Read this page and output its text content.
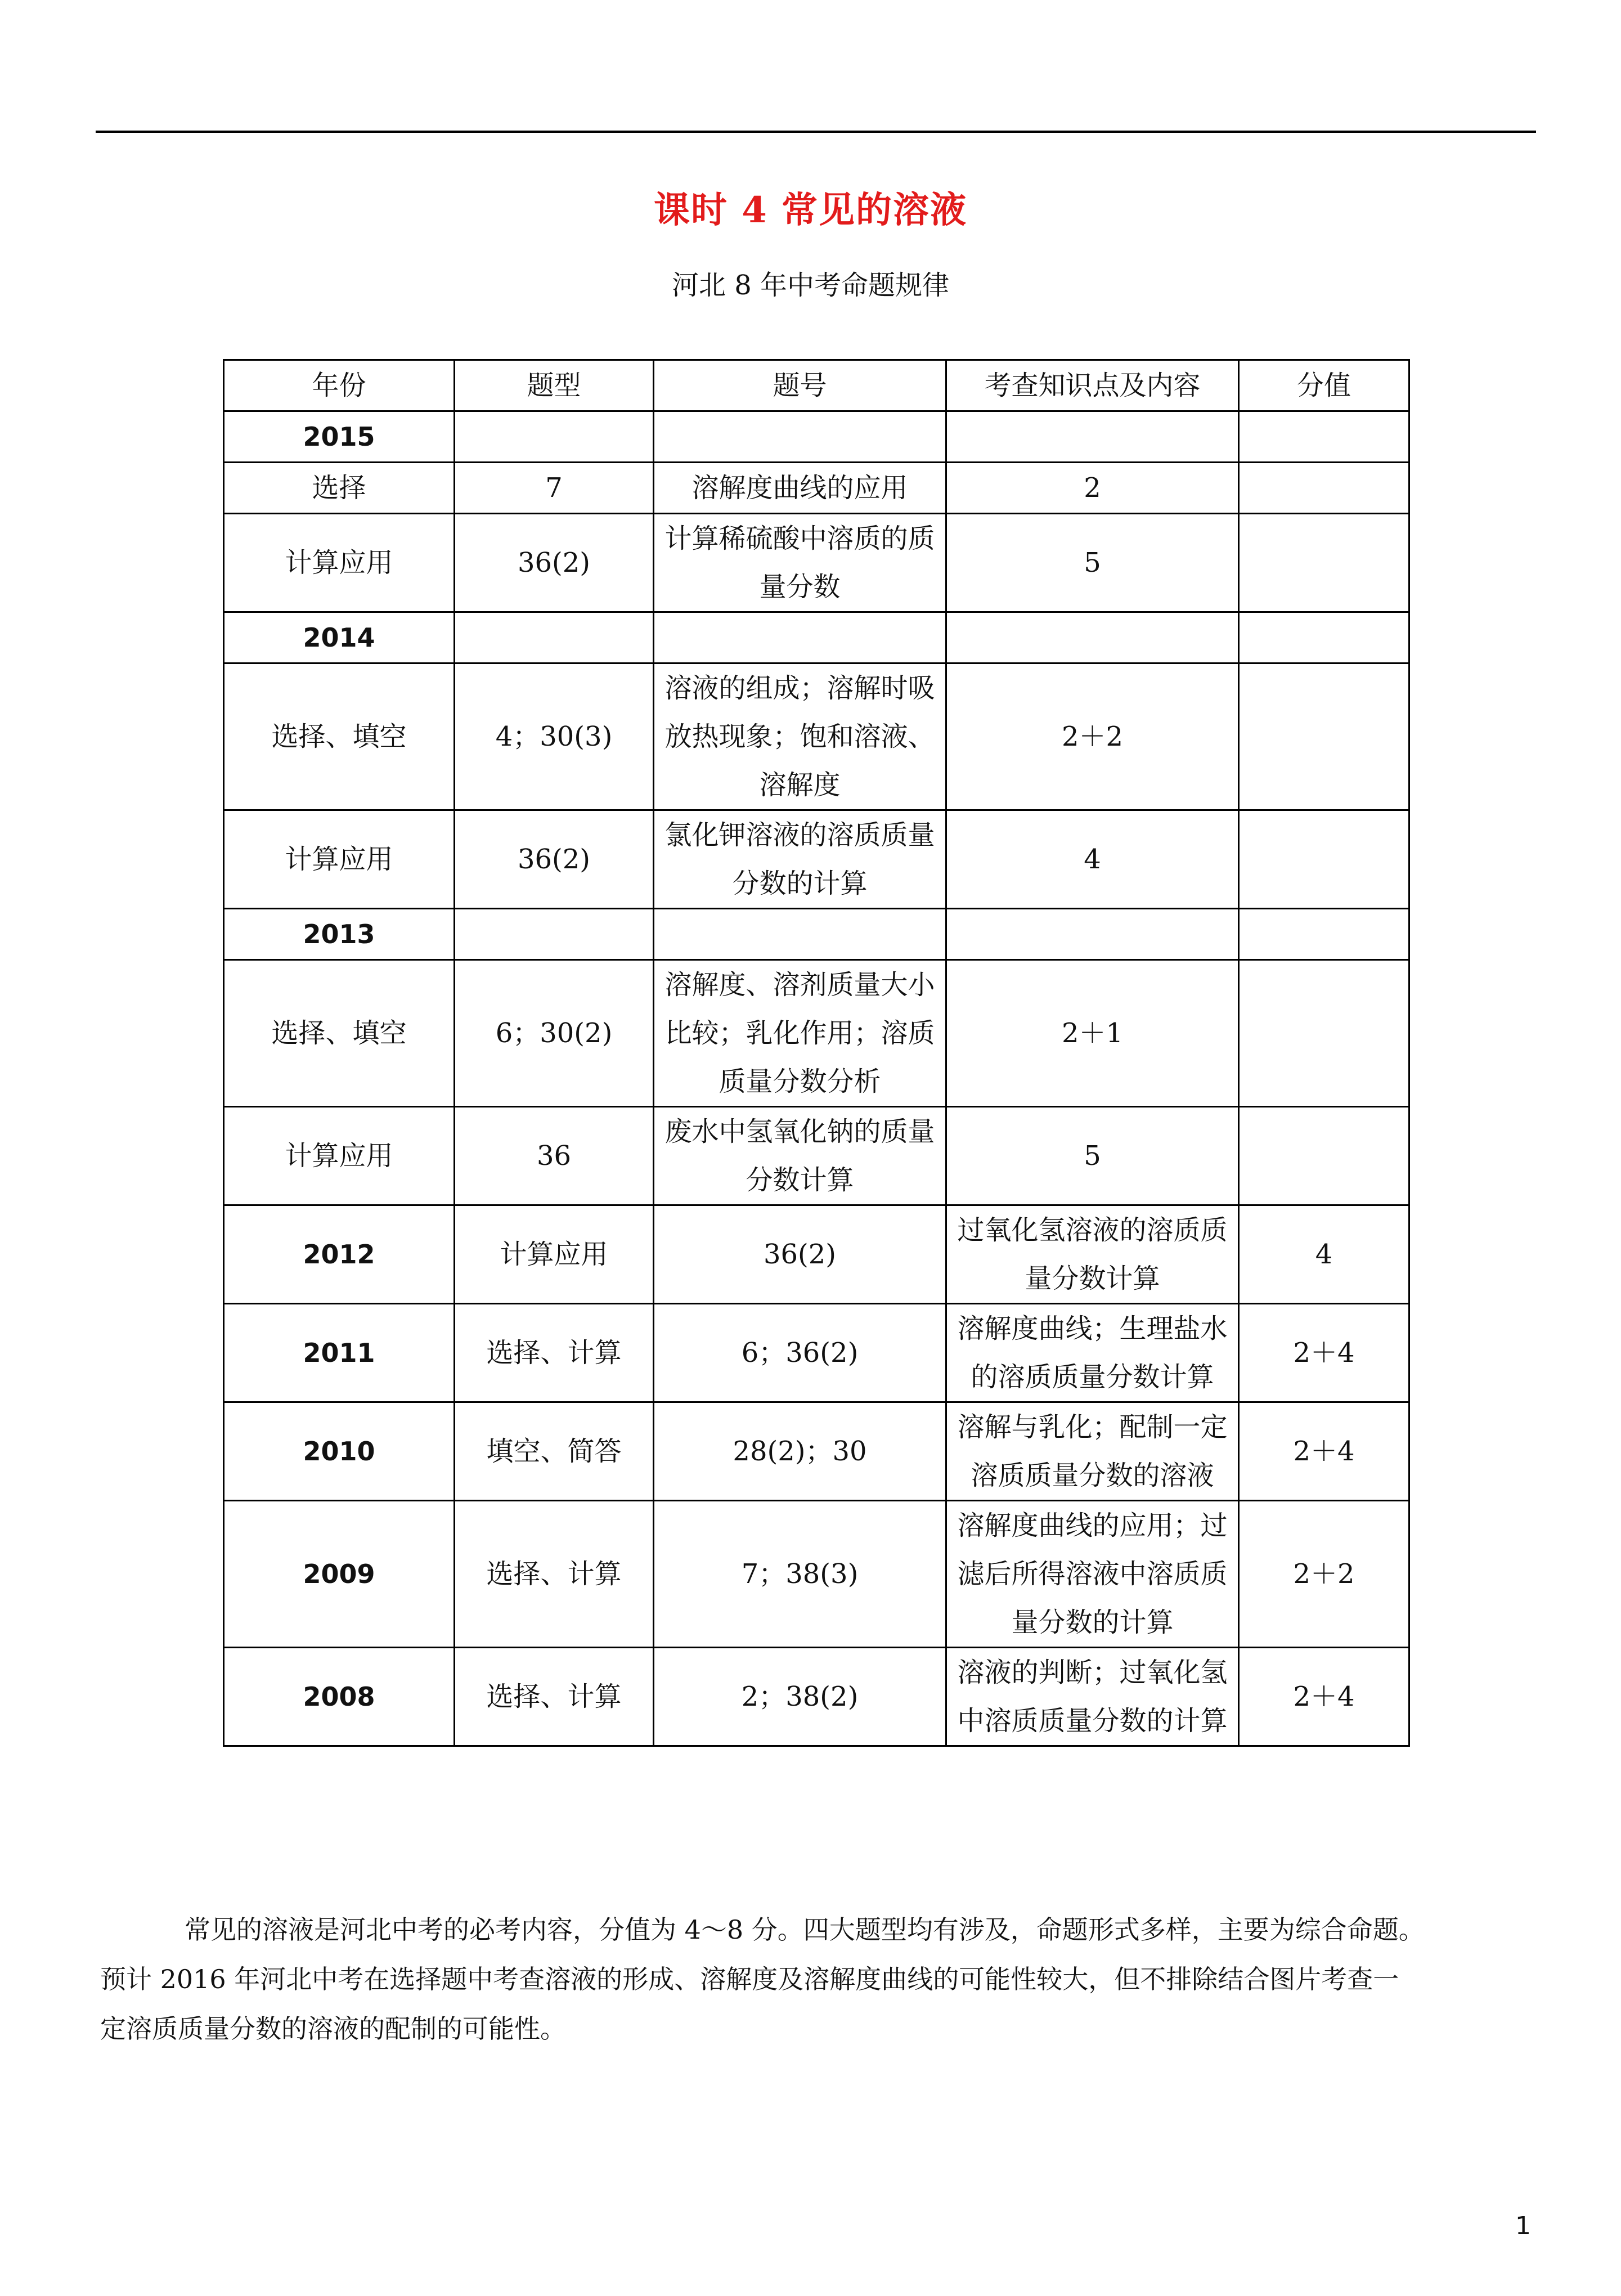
课时 4 常见的溶液
河北 8 年中考命题规律
年份	题型	题号	考查知识点及内容	分值
2015				
选择	7	溶解度曲线的应用	2	
计算应用	36(2)	计算稀硫酸中溶质的质量分数	5	
2014				
选择、填空	4；30(3)	溶液的组成；溶解时吸放热现象；饱和溶液、溶解度	2＋2	
计算应用	36(2)	氯化钾溶液的溶质质量分数的计算	4	
2013				
选择、填空	6；30(2)	溶解度、溶剂质量大小比较；乳化作用；溶质质量分数分析	2＋1	
计算应用	36	废水中氢氧化钠的质量分数计算	5	
2012	计算应用	36(2)	过氧化氢溶液的溶质质量分数计算	4
2011	选择、计算	6；36(2)	溶解度曲线；生理盐水的溶质质量分数计算	2＋4
2010	填空、简答	28(2)；30	溶解与乳化；配制一定溶质质量分数的溶液	2＋4
2009	选择、计算	7；38(3)	溶解度曲线的应用；过滤后所得溶液中溶质质量分数的计算	2＋2
2008	选择、计算	2；38(2)	溶液的判断；过氧化氢中溶质质量分数的计算	2＋4
常见的溶液是河北中考的必考内容，分值为 4～8 分。四大题型均有涉及，命题形式多样，主要为综合命题。
预计 2016 年河北中考在选择题中考查溶液的形成、溶解度及溶解度曲线的可能性较大，但不排除结合图片考查一
定溶质质量分数的溶液的配制的可能性。
1
